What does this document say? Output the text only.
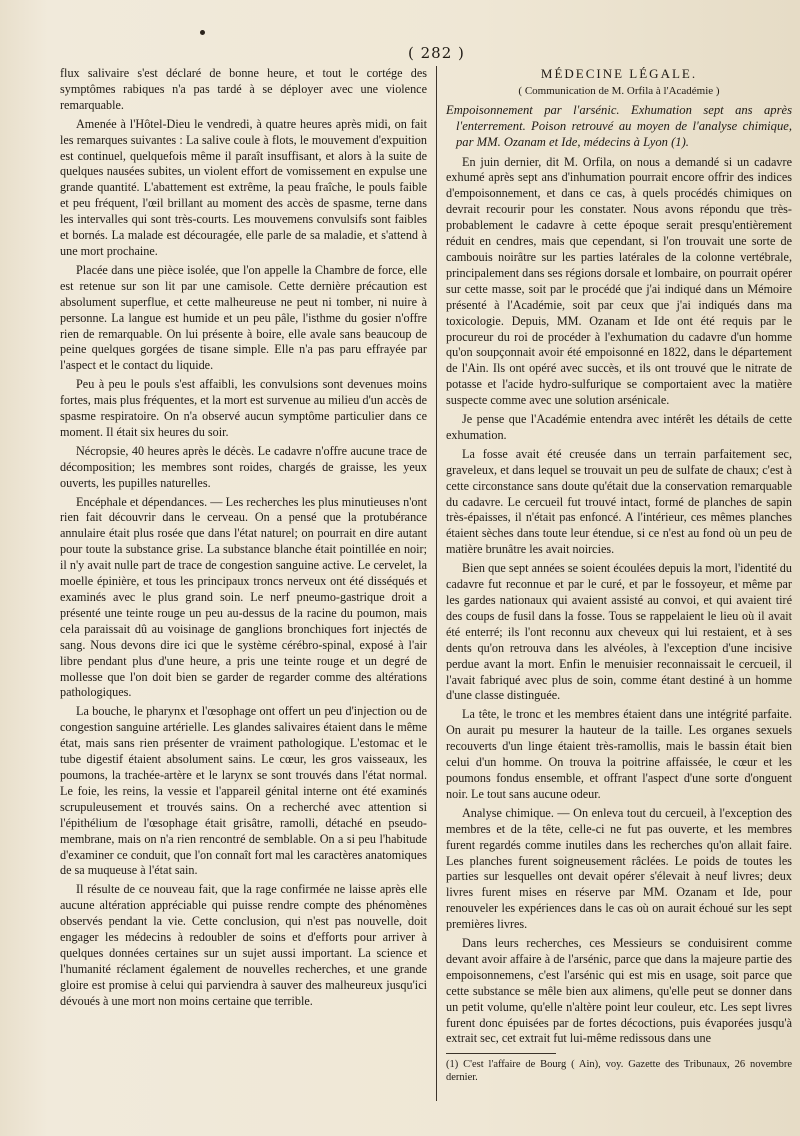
( 282 )

flux salivaire s'est déclaré de bonne heure, et tout le cortége des symptômes rabiques n'a pas tardé à se déployer avec une violence remarquable.

Amenée à l'Hôtel-Dieu le vendredi, à quatre heures après midi, on fait les remarques suivantes : La salive coule à flots, le mouvement d'expuition est continuel, quelquefois même il paraît insuffisant, et alors à la suite de quelques nausées subites, un violent effort de vomissement en expulse une grande quantité. L'abattement est extrême, la peau fraîche, le pouls faible et peu fréquent, l'œil brillant au moment des accès de spasme, terne dans les intervalles qui sont très-courts. Les mouvemens convulsifs sont faibles et bornés. La malade est découragée, elle parle de sa maladie, et s'attend à une mort prochaine.

Placée dans une pièce isolée, que l'on appelle la Chambre de force, elle est retenue sur son lit par une camisole. Cette dernière précaution est absolument superflue, et cette malheureuse ne peut ni tomber, ni nuire à personne. La langue est humide et un peu pâle, l'isthme du gosier n'offre rien de remarquable. On lui présente à boire, elle avale sans beaucoup de peine quelques gorgées de tisane simple. Elle n'a pas paru effrayée par l'aspect et le contact du liquide.

Peu à peu le pouls s'est affaibli, les convulsions sont devenues moins fortes, mais plus fréquentes, et la mort est survenue au milieu d'un accès de spasme respiratoire. On n'a observé aucun symptôme particulier dans ce moment. Il était six heures du soir.

Nécropsie, 40 heures après le décès. Le cadavre n'offre aucune trace de décomposition; les membres sont roides, chargés de graisse, les yeux ouverts, les pupilles naturelles.

Encéphale et dépendances. — Les recherches les plus minutieuses n'ont rien fait découvrir dans le cerveau. On a pensé que la protubérance annulaire était plus rosée que dans l'état naturel; on pourrait en dire autant pour toute la substance grise. La substance blanche était pointillée en noir; il n'y avait nulle part de trace de congestion sanguine active. Le cervelet, la moelle épinière, et tous les principaux troncs nerveux ont été disséqués et examinés avec le plus grand soin. Le nerf pneumo-gastrique droit a présenté une teinte rouge un peu au-dessus de la racine du poumon, mais cela paraissait dû au voisinage de ganglions bronchiques fort injectés de sang. Nous devons dire ici que le système cérébro-spinal, exposé à l'air libre pendant plus d'une heure, a pris une teinte rouge et un degré de mollesse que l'on doit bien se garder de regarder comme des altérations pathologiques.

La bouche, le pharynx et l'œsophage ont offert un peu d'injection ou de congestion sanguine artérielle. Les glandes salivaires étaient dans le même état, mais sans rien présenter de vraiment pathologique. L'estomac et le tube digestif étaient absolument sains. Le cœur, les gros vaisseaux, les poumons, la trachée-artère et le larynx se sont trouvés dans l'état normal. Le foie, les reins, la vessie et l'appareil génital interne ont été examinés scrupuleusement et trouvés sains. On a recherché avec attention si l'épithélium de l'œsophage était grisâtre, ramolli, détaché en pseudo-membrane, mais on n'a rien rencontré de semblable. On a si peu l'habitude d'examiner ce conduit, que l'on connaît fort mal les caractères anatomiques de sa muqueuse à l'état sain.

Il résulte de ce nouveau fait, que la rage confirmée ne laisse après elle aucune altération appréciable qui puisse rendre compte des phénomènes observés pendant la vie. Cette conclusion, qui n'est pas nouvelle, doit engager les médecins à redoubler de soins et d'efforts pour arriver à quelques données certaines sur un sujet aussi important. La science et l'humanité réclament également de nouvelles recherches, et une grande gloire est promise à celui qui parviendra à sauver des malheureux jusqu'ici dévoués à une mort non moins certaine que terrible.

MÉDECINE LÉGALE.
( Communication de M. Orfila à l'Académie )
Empoisonnement par l'arsénic. Exhumation sept ans après l'enterrement. Poison retrouvé au moyen de l'analyse chimique, par MM. Ozanam et Ide, médecins à Lyon (1).

En juin dernier, dit M. Orfila, on nous a demandé si un cadavre exhumé après sept ans d'inhumation pourrait encore offrir des indices d'empoisonnement, et dans ce cas, à quels procédés chimiques on devrait recourir pour les constater. Nous avons répondu que très-probablement le cadavre à cette époque serait presqu'entièrement réduit en cendres, mais que cependant, si l'on trouvait une sorte de cambouis noirâtre sur les parties latérales de la colonne vertébrale, principalement dans ses régions dorsale et lombaire, on pourrait opérer sur cette masse, soit par le procédé que j'ai indiqué dans un Mémoire présenté à l'Académie, soit par ceux que j'ai indiqués dans ma toxicologie. Depuis, MM. Ozanam et Ide ont été requis par le procureur du roi de procéder à l'exhumation du cadavre d'un homme qu'on soupçonnait avoir été empoisonné en 1822, dans le département de l'Ain. Ils ont opéré avec succès, et ils ont trouvé que le nitrate de potasse et l'acide hydro-sulfurique se comportaient avec la matière suspecte comme avec une solution arsénicale.

Je pense que l'Académie entendra avec intérêt les détails de cette exhumation.

La fosse avait été creusée dans un terrain parfaitement sec, graveleux, et dans lequel se trouvait un peu de sulfate de chaux; c'est à cette circonstance sans doute qu'était due la conservation remarquable du cadavre. Le cercueil fut trouvé intact, formé de planches de sapin très-épaisses, il n'était pas enfoncé. A l'intérieur, ces mêmes planches étaient sèches dans toute leur étendue, si ce n'est au fond où un peu de matière brunâtre les avait noircies.

Bien que sept années se soient écoulées depuis la mort, l'identité du cadavre fut reconnue et par le curé, et par le fossoyeur, et même par les gardes nationaux qui avaient assisté au convoi, et qui avaient tiré des coups de fusil dans la fosse. Tous se rappelaient le lieu où il avait été enterré; ils l'ont reconnu aux cheveux qui lui restaient, et à ses dents qu'on retrouva dans les alvéoles, à l'exception d'une incisive perdue avant la mort. Enfin le menuisier reconnaissait le cercueil, il l'avait fabriqué avec plus de soin, comme étant destiné à un homme d'une classe distinguée.

La tête, le tronc et les membres étaient dans une intégrité parfaite. On aurait pu mesurer la hauteur de la taille. Les organes sexuels recouverts d'un linge étaient très-ramollis, mais le bassin était bien celui d'un homme. On trouva la poitrine affaissée, le cœur et les poumons fondus ensemble, et offrant l'aspect d'une sorte d'onguent noir. Le tout sans aucune odeur.

Analyse chimique. — On enleva tout du cercueil, à l'exception des membres et de la tête, celle-ci ne fut pas ouverte, et les membres furent regardés comme inutiles dans les recherches qu'on allait faire. Les planches furent soigneusement râclées. Le poids de toutes les parties sur lesquelles ont devait opérer s'élevait à neuf livres; deux livres furent mises en réserve par MM. Ozanam et Ide, pour renouveler les expériences dans le cas où on aurait échoué sur les sept premières livres.

Dans leurs recherches, ces Messieurs se conduisirent comme devant avoir affaire à de l'arsénic, parce que dans la majeure partie des empoisonnemens, c'est l'arsénic qui est mis en usage, soit parce que cette substance se mêle bien aux alimens, qu'elle peut se donner dans un petit volume, qu'elle n'altère point leur couleur, etc. Les sept livres furent donc épuisées par de fortes décoctions, puis évaporées jusqu'à extrait sec, cet extrait fut lui-même redissous dans une

(1) C'est l'affaire de Bourg ( Ain), voy. Gazette des Tribunaux, 26 novembre dernier.
